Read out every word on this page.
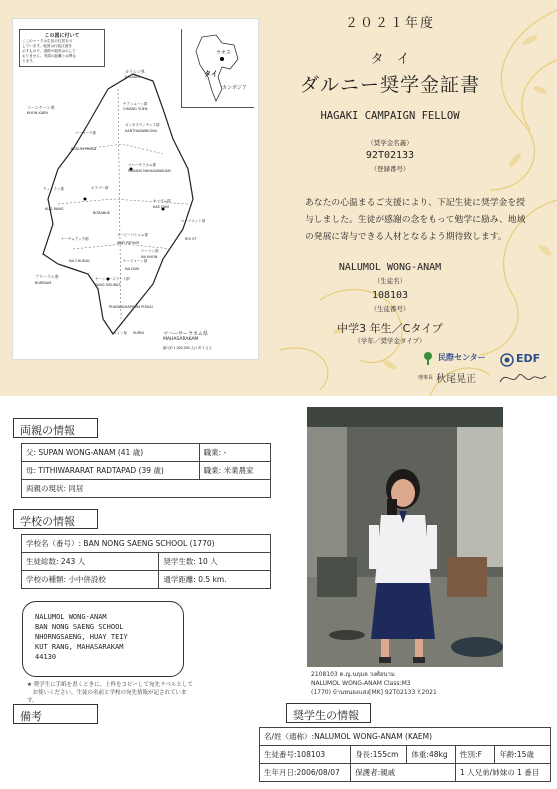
この図に付いて
ここのマークは生徒の住居を示
しています。地図は行政区画を
示すもので、道路や地形は示して
おりません。実際の距離とは異な
ります。
ラオス
タイ
カンボジア
カラシン県
KALASIN
チアンユーン郡
CHIANG YUEN
カンタラウィチャイ郡
KANTHARAWICHAI
コーンケーン県
KHON KAEN
コーサーラ郡
KOSUM PHISAI
マハーサラカム郡
MUEANG MAHASARAKHAM
ボラブー郡
BORABUE
クットラン郡
KUD RANG
ケーダム郡
KAE DAM
ローイエット県
ROI ET
ナーチュアック郡
NA CHUEAK
ワーピーパトゥム郡
WAPI PATHUM
ナードゥーン郡
NA DUN
ナーコン郡
NA KHON
ヤーンシースラート郡
YANG SISURAT
プリーラム県
BURIRAM
PHAYAKKHAPHUM PHISAI
スリン県 SURIN	マハーサーラカム県
MAHASARAKAM
縮尺約 1,000,000 人口 約 1 万人
２０２１年度
タ　イ
ダルニー奨学金証書
HAGAKI CAMPAIGN FELLOW
（奨学金名義）
92T02133
（登録番号）
あなたの心温まるご支援により、下記生徒に奨学金を授
与しました。生徒が感謝の念をもって勉学に励み、地域
の発展に寄与できる人材となるよう期待致します。
NALUMOL WONG-ANAM
（生徒名）
108103
（生徒番号）
中学3 年生／Cタイプ
（学年／奨学金タイプ）
民際センター
理事長 秋尾晃正
EDF
両親の情報
父: SUPAN WONG-ANAM (41 歳)	職業: -
母: TITHIWARARAT RADTAPAD (39 歳)	職業: 米業農家
両親の現状: 同居	
学校の情報
学校名（番号）: BAN NONG SAENG SCHOOL (1770)	
生徒総数: 243 人	奨学生数: 10 人
学校の種類: 小中併設校	通学距離: 0.5 km.
NALUMOL WONG-ANAM
BAN NONG SAENG SCHOOL
NHORNGSAENG, HUAY TEIY
KUT RANG, MAHASARAKAM
44130
★ 奨学生に手紙を書くときに、上枠をコピーして宛先ラベルとして
　お使いください。生徒の名前と学校の宛先情報が記されています。
備考
2108103 ด.ญ.นฤมล วงศ์อนาม
NALUMOL WONG-ANAM Class:M3
(1770) บ้านหนองแสง[MK] 92T02133 Y.2021
奨学生の情報
名/姓（通称）:NALUMOL WONG-ANAM (KAEM)				
生徒番号:108103	身長:155cm	体重:48kg	性別:F	年齢:15歳
生年月日:2006/08/07	保護者:親戚		1 人兄弟/姉妹の 1 番目	
